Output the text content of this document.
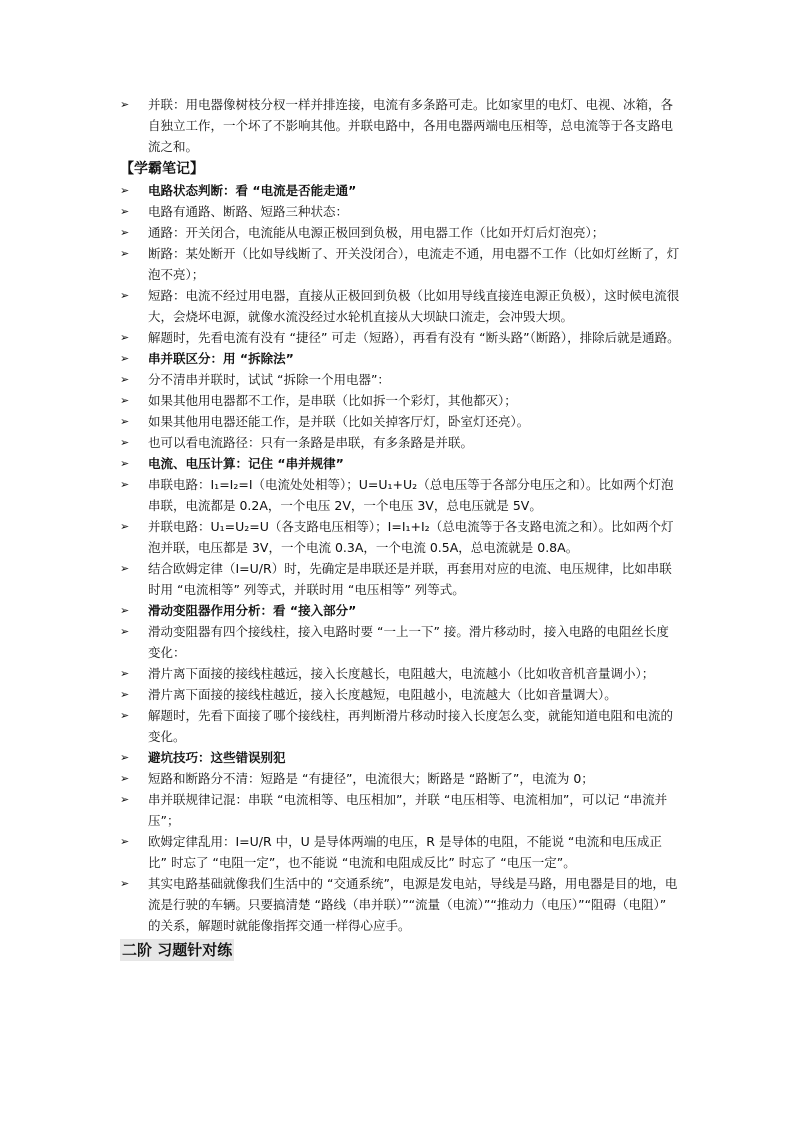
➢	并联：用电器像树枝分杈一样并排连接，电流有多条路可走。比如家里的电灯、电视、冰箱，各自独立工作，一个坏了不影响其他。并联电路中，各用电器两端电压相等，总电流等于各支路电流之和。
【学霸笔记】
➢	电路状态判断：看 “电流是否能走通”
➢	电路有通路、断路、短路三种状态：
➢	通路：开关闭合，电流能从电源正极回到负极，用电器工作（比如开灯后灯泡亮）；
➢	断路：某处断开（比如导线断了、开关没闭合），电流走不通，用电器不工作（比如灯丝断了，灯泡不亮）；
➢	短路：电流不经过用电器，直接从正极回到负极（比如用导线直接连电源正负极），这时候电流很大，会烧坏电源，就像水流没经过水轮机直接从大坝缺口流走，会冲毁大坝。
➢	解题时，先看电流有没有 “捷径” 可走（短路），再看有没有 “断头路”（断路），排除后就是通路。
➢	串并联区分：用 “拆除法”
➢	分不清串并联时，试试 “拆除一个用电器”：
➢	如果其他用电器都不工作，是串联（比如拆一个彩灯，其他都灭）；
➢	如果其他用电器还能工作，是并联（比如关掉客厅灯，卧室灯还亮）。
➢	也可以看电流路径：只有一条路是串联，有多条路是并联。
➢	电流、电压计算：记住 “串并规律”
➢	串联电路：I₁=I₂=I（电流处处相等）；U=U₁+U₂（总电压等于各部分电压之和）。比如两个灯泡串联，电流都是 0.2A，一个电压 2V，一个电压 3V，总电压就是 5V。
➢	并联电路：U₁=U₂=U（各支路电压相等）；I=I₁+I₂（总电流等于各支路电流之和）。比如两个灯泡并联，电压都是 3V，一个电流 0.3A，一个电流 0.5A，总电流就是 0.8A。
➢	结合欧姆定律（I=U/R）时，先确定是串联还是并联，再套用对应的电流、电压规律，比如串联时用 “电流相等” 列等式，并联时用 “电压相等” 列等式。
➢	滑动变阻器作用分析：看 “接入部分”
➢	滑动变阻器有四个接线柱，接入电路时要 “一上一下” 接。滑片移动时，接入电路的电阻丝长度变化：
➢	滑片离下面接的接线柱越远，接入长度越长，电阻越大，电流越小（比如收音机音量调小）；
➢	滑片离下面接的接线柱越近，接入长度越短，电阻越小，电流越大（比如音量调大）。
➢	解题时，先看下面接了哪个接线柱，再判断滑片移动时接入长度怎么变，就能知道电阻和电流的变化。
➢	避坑技巧：这些错误别犯
➢	短路和断路分不清：短路是 “有捷径”，电流很大；断路是 “路断了”，电流为 0；
➢	串并联规律记混：串联 “电流相等、电压相加”，并联 “电压相等、电流相加”，可以记 “串流并压”；
➢	欧姆定律乱用：I=U/R 中，U 是导体两端的电压，R 是导体的电阻，不能说 “电流和电压成正比” 时忘了 “电阻一定”，也不能说 “电流和电阻成反比” 时忘了 “电压一定”。
➢	其实电路基础就像我们生活中的 “交通系统”，电源是发电站，导线是马路，用电器是目的地，电流是行驶的车辆。只要搞清楚 “路线（串并联）”“流量（电流）”“推动力（电压）”“阻碍（电阻）” 的关系，解题时就能像指挥交通一样得心应手。
二阶 习题针对练
